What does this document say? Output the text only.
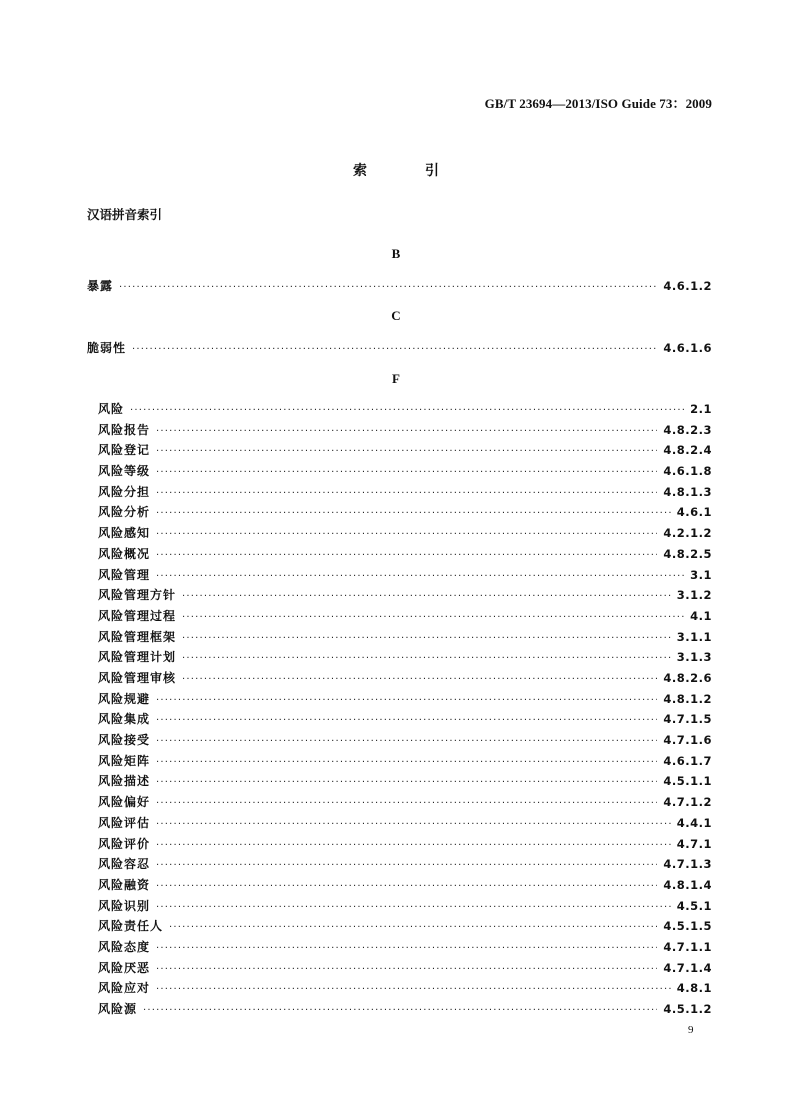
GB/T 23694—2013/ISO Guide 73：2009
索　引
汉语拼音索引
B
暴露 ·····	4.6.1.2
C
脆弱性 ·····	4.6.1.6
F
风险 ·····	2.1
风险报告 ·····	4.8.2.3
风险登记 ·····	4.8.2.4
风险等级 ·····	4.6.1.8
风险分担 ·····	4.8.1.3
风险分析 ·····	4.6.1
风险感知 ·····	4.2.1.2
风险概况 ·····	4.8.2.5
风险管理 ·····	3.1
风险管理方针 ·····	3.1.2
风险管理过程 ·····	4.1
风险管理框架 ·····	3.1.1
风险管理计划 ·····	3.1.3
风险管理审核 ·····	4.8.2.6
风险规避 ·····	4.8.1.2
风险集成 ·····	4.7.1.5
风险接受 ·····	4.7.1.6
风险矩阵 ·····	4.6.1.7
风险描述 ·····	4.5.1.1
风险偏好 ·····	4.7.1.2
风险评估 ·····	4.4.1
风险评价 ·····	4.7.1
风险容忍 ·····	4.7.1.3
风险融资 ·····	4.8.1.4
风险识别 ·····	4.5.1
风险责任人 ·····	4.5.1.5
风险态度 ·····	4.7.1.1
风险厌恶 ·····	4.7.1.4
风险应对 ·····	4.8.1
风险源 ·····	4.5.1.2
9
